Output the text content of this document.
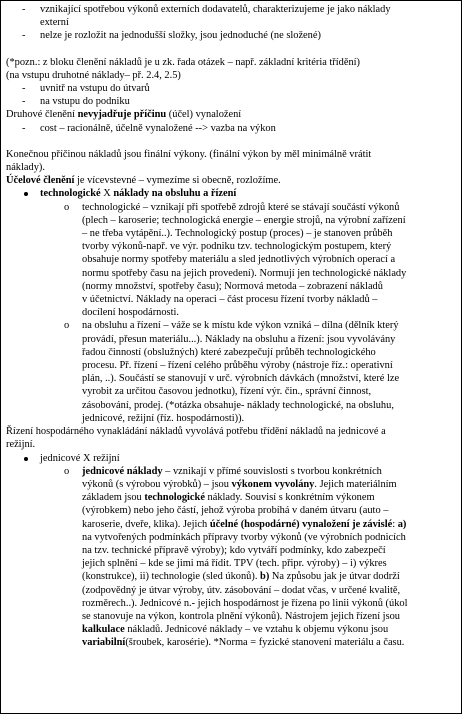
- vznikající spotřebou výkonů externích dodavatelů, charakterizujeme je jako náklady
externí
- nelze je rozložit na jednodušší složky, jsou jednoduché (ne složené)
(*pozn.: z bloku členění nákladů je u zk. řada otázek – např. základní kritéria třídění)
(na vstupu druhotné náklady– př. 2.4, 2.5)
- uvnitř na vstupu do útvarů
- na vstupu do podniku
Druhové členění nevyjadřuje příčinu (účel) vynaložení
- cost – racionálně, účelně vynaložené --> vazba na výkon
Konečnou příčinou nákladů jsou finální výkony. (finální výkon by měl minimálně vrátit
náklady).
Účelové členění je vícevstevné – vymezíme si obecně, rozložíme.
technologické X náklady na obsluhu a řízení
o technologické – vznikají při spotřebě zdrojů které se stávají součástí výkonů
(plech – karoserie; technologická energie – energie strojů, na výrobní zařízení
– ne třeba vytápění..). Technologický postup (proces) – je stanoven průběh
tvorby výkonů-např. ve výr. podniku tzv. technologickým postupem, který
obsahuje normy spotřeby materiálu a sled jednotlivých výrobních operací a
normu spotřeby času na jejich provedení). Normují jen technologické náklady
(normy množství, spotřeby času); Normová metoda – zobrazení nákladů
v účetnictví. Náklady na operaci – část procesu řízení tvorby nákladů –
docílení hospodárnosti.
o na obsluhu a řízení – váže se k místu kde výkon vzniká – dílna (dělník který
provádí, přesun materiálu...). Náklady na obsluhu a řízení: jsou vyvolávány
řadou činností (obslužných) které zabezpečují průběh technologického
procesu. Př. řízení – řízení celého průběhu výroby (nástroje říz.: operativní
plán, ..). Součástí se stanovují v urč. výrobních dávkách (množství, které lze
vyrobit za určitou časovou jednotku), řízení výr. čin., správní činnost,
zásobování, prodej. (*otázka obsahuje- náklady technologické, na obsluhu,
jednicové, režijní (říz. hospodárnosti)).
Řízení hospodárného vynakládání nákladů vyvolává potřebu třídění nákladů na jednicové a
režijní.
jednicové X režijní
o jednicové náklady – vznikají v přímé souvislosti s tvorbou konkrétních
výkonů (s výrobou výrobků) – jsou výkonem vyvolány. Jejich materiálním
základem jsou technologické náklady. Souvisí s konkrétním výkonem
(výrobkem) nebo jeho částí, jehož výroba probíhá v daném útvaru (auto –
karoserie, dveře, klika). Jejich účelné (hospodárné) vynaložení je závislé: a)
na vytvořených podmínkách přípravy tvorby výkonů (ve výrobních podnicích
na tzv. technické přípravě výroby); kdo vytváří podmínky, kdo zabezpečí
jejich splnění – kde se jimi má řídit. TPV (tech. připr. výroby) – i) výkres
(konstrukce), ii) technologie (sled úkonů). b) Na způsobu jak je útvar dodrží
(zodpovědný je útvar výroby, útv. zásobování – dodat včas, v určené kvalitě,
rozměrech..). Jednicové n.- jejich hospodárnost je řízena po linii výkonů (úkol
se stanovuje na výkon, kontrola plnění výkonů). Nástrojem jejich řízení jsou
kalkulace nákladů. Jednicové náklady – ve vztahu k objemu výkonu jsou
variabilní(šroubek, karosérie). *Norma = fyzické stanovení materiálu a času.
